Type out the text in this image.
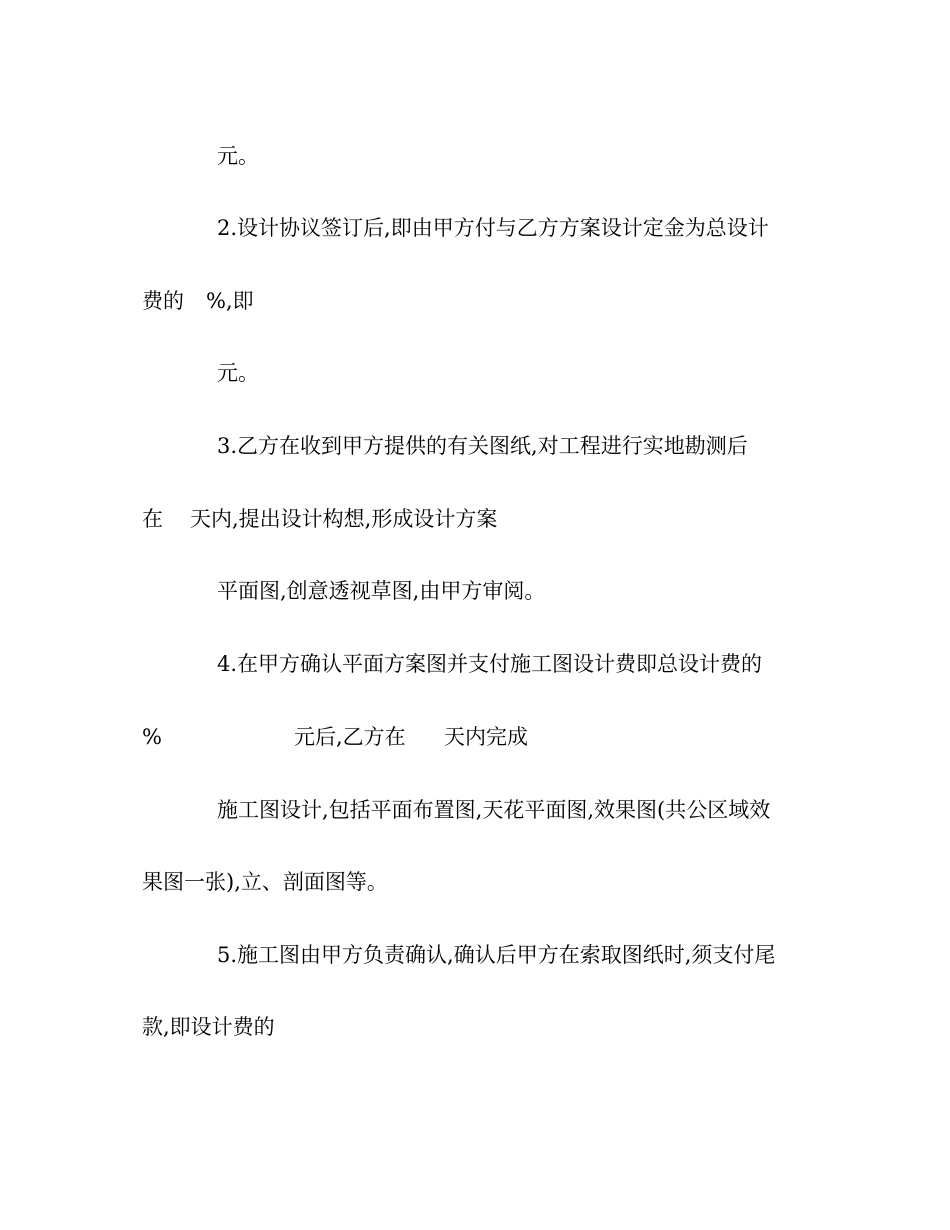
元。
2.设计协议签订后,即由甲方付与乙方方案设计定金为总设计
费的 %,即
元。
3.乙方在收到甲方提供的有关图纸,对工程进行实地勘测后
在 天内,提出设计构想,形成设计方案
平面图,创意透视草图,由甲方审阅。
4.在甲方确认平面方案图并支付施工图设计费即总设计费的
%	元后,乙方在 天内完成
施工图设计,包括平面布置图,天花平面图,效果图(共公区域效
果图一张),立、剖面图等。
5.施工图由甲方负责确认,确认后甲方在索取图纸时,须支付尾
款,即设计费的
